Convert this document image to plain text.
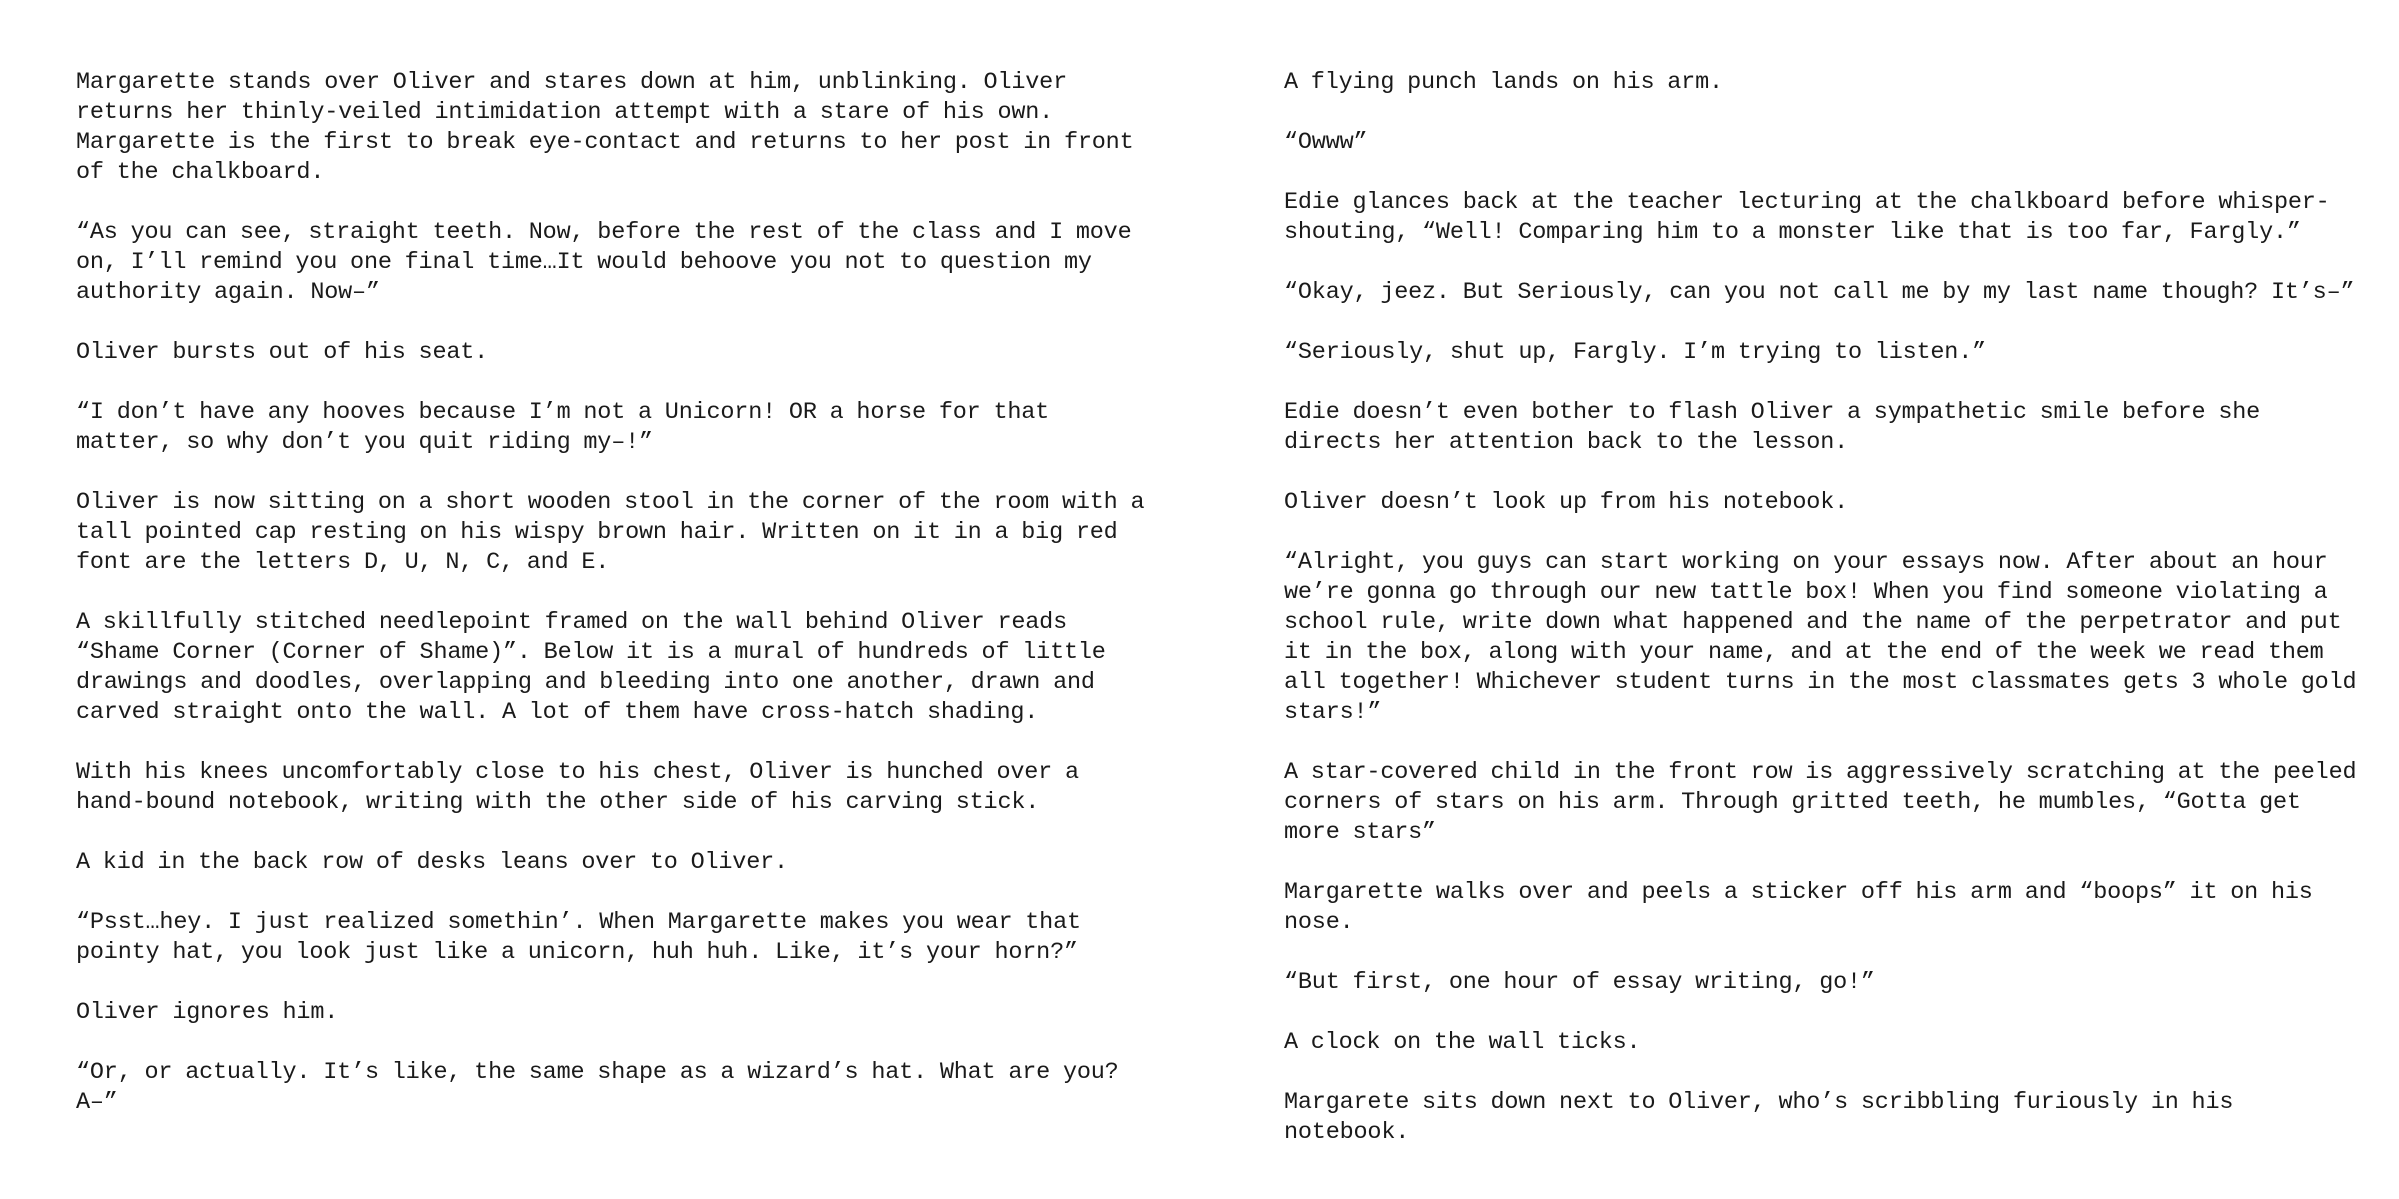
Margarette stands over Oliver and stares down at him, unblinking. Oliver returns her thinly-veiled intimidation attempt with a stare of his own. Margarette is the first to break eye-contact and returns to her post in front of the chalkboard.

“As you can see, straight teeth. Now, before the rest of the class and I move on, I’ll remind you one final time…It would behoove you not to question my authority again. Now–”

Oliver bursts out of his seat.

“I don’t have any hooves because I’m not a Unicorn! OR a horse for that matter, so why don’t you quit riding my–!”

Oliver is now sitting on a short wooden stool in the corner of the room with a tall pointed cap resting on his wispy brown hair. Written on it in a big red font are the letters D, U, N, C, and E.

A skillfully stitched needlepoint framed on the wall behind Oliver reads “Shame Corner (Corner of Shame)”. Below it is a mural of hundreds of little drawings and doodles, overlapping and bleeding into one another, drawn and carved straight onto the wall. A lot of them have cross-hatch shading.

With his knees uncomfortably close to his chest, Oliver is hunched over a hand-bound notebook, writing with the other side of his carving stick.

A kid in the back row of desks leans over to Oliver.

“Psst…hey. I just realized somethin’. When Margarette makes you wear that pointy hat, you look just like a unicorn, huh huh. Like, it’s your horn?”

Oliver ignores him.

“Or, or actually. It’s like, the same shape as a wizard’s hat. What are you? A–”

A flying punch lands on his arm.

“Owww”

Edie glances back at the teacher lecturing at the chalkboard before whisper-shouting, “Well! Comparing him to a monster like that is too far, Fargly.”

“Okay, jeez. But Seriously, can you not call me by my last name though? It’s–”

“Seriously, shut up, Fargly. I’m trying to listen.”

Edie doesn’t even bother to flash Oliver a sympathetic smile before she directs her attention back to the lesson.

Oliver doesn’t look up from his notebook.

“Alright, you guys can start working on your essays now. After about an hour we’re gonna go through our new tattle box! When you find someone violating a school rule, write down what happened and the name of the perpetrator and put it in the box, along with your name, and at the end of the week we read them all together! Whichever student turns in the most classmates gets 3 whole gold stars!”

A star-covered child in the front row is aggressively scratching at the peeled corners of stars on his arm. Through gritted teeth, he mumbles, “Gotta get more stars”

Margarette walks over and peels a sticker off his arm and “boops” it on his nose.

“But first, one hour of essay writing, go!”

A clock on the wall ticks.

Margarete sits down next to Oliver, who’s scribbling furiously in his notebook.
